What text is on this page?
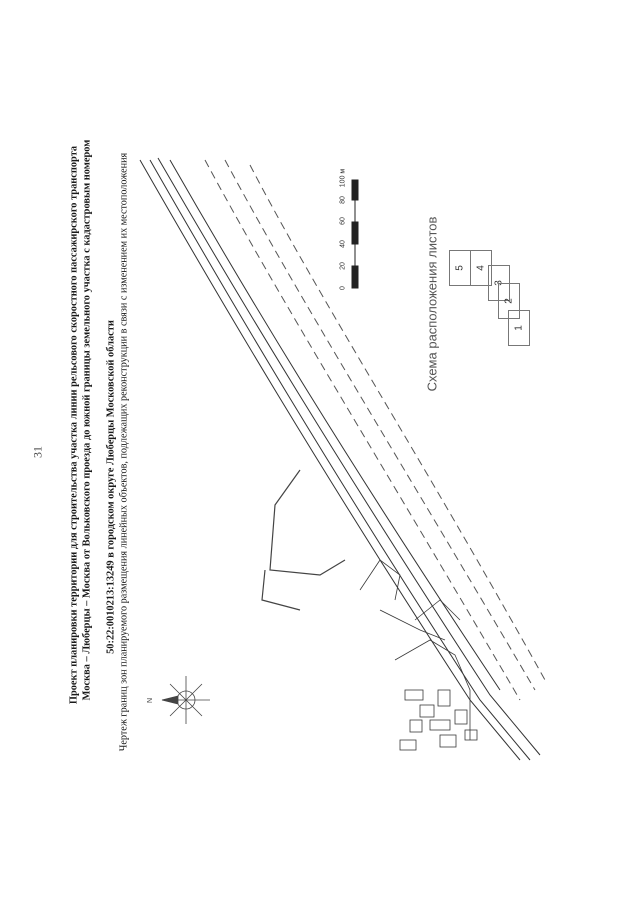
31 Проект планировки территории для строительства участка линии рельсового скоростного пассажирского транспорта Москва – Люберцы – Москва от Вольковского проезда до южной границы земельного участка с кадастровым номером 50:22:0010213:13249 в городском округе Люберцы Московской области Чертеж границ зон планируемого размещения линейных объектов, подлежащих реконструкции в связи с изменением их местоположения	N
0
20
40
60
80
100 м
Схема расположения листов 5 4
3
2
1
